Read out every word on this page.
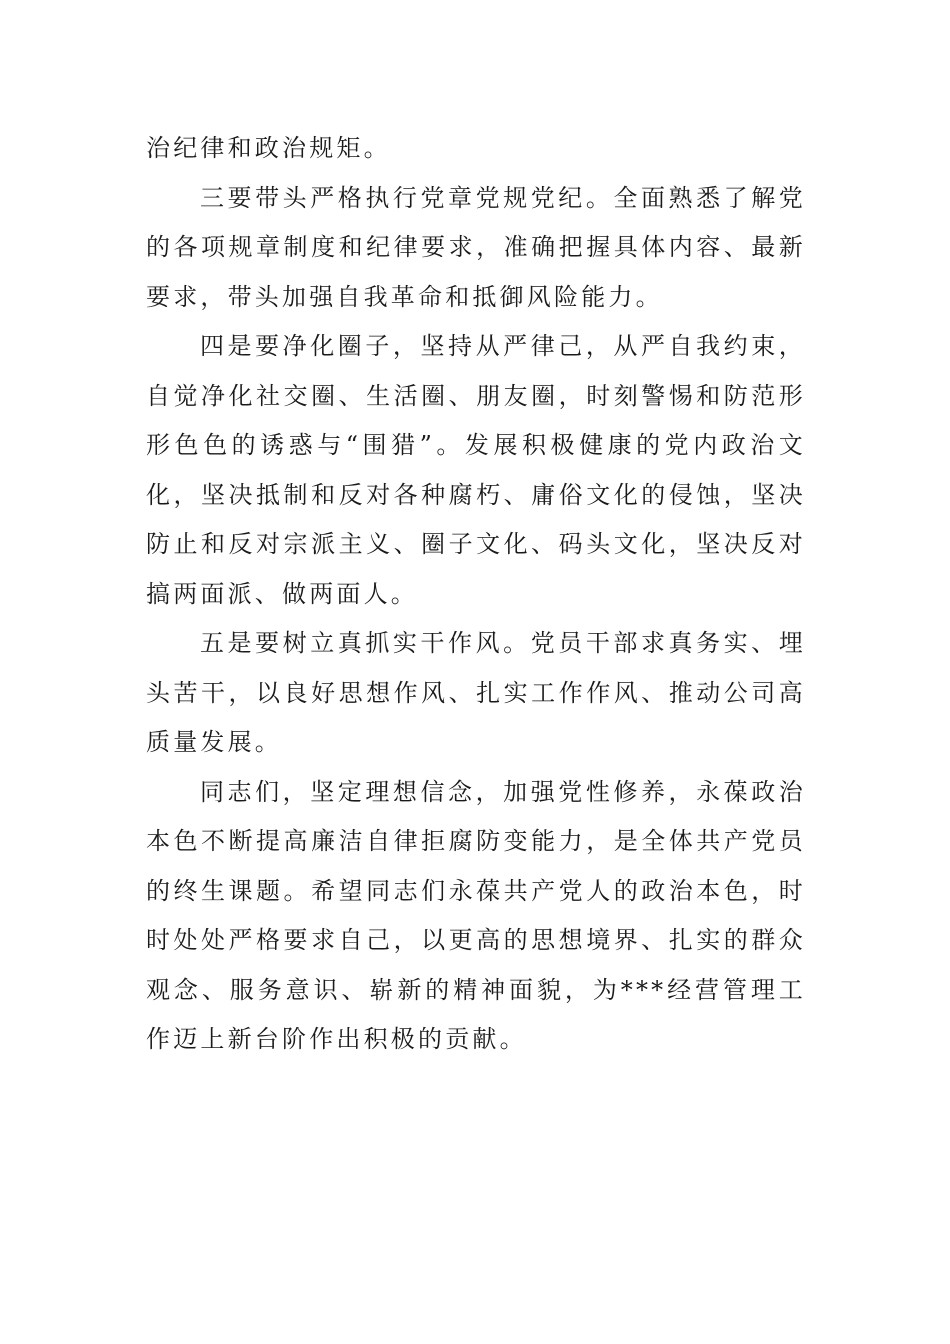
治纪律和政治规矩。

三要带头严格执行党章党规党纪。全面熟悉了解党的各项规章制度和纪律要求，准确把握具体内容、最新要求，带头加强自我革命和抵御风险能力。

四是要净化圈子，坚持从严律己，从严自我约束，自觉净化社交圈、生活圈、朋友圈，时刻警惕和防范形形色色的诱惑与“围猎”。发展积极健康的党内政治文化，坚决抵制和反对各种腐朽、庸俗文化的侵蚀，坚决防止和反对宗派主义、圈子文化、码头文化，坚决反对搞两面派、做两面人。

五是要树立真抓实干作风。党员干部求真务实、埋头苦干，以良好思想作风、扎实工作作风、推动公司高质量发展。

同志们，坚定理想信念，加强党性修养，永葆政治本色不断提高廉洁自律拒腐防变能力，是全体共产党员的终生课题。希望同志们永葆共产党人的政治本色，时时处处严格要求自己，以更高的思想境界、扎实的群众观念、服务意识、崭新的精神面貌，为***经营管理工作迈上新台阶作出积极的贡献。
